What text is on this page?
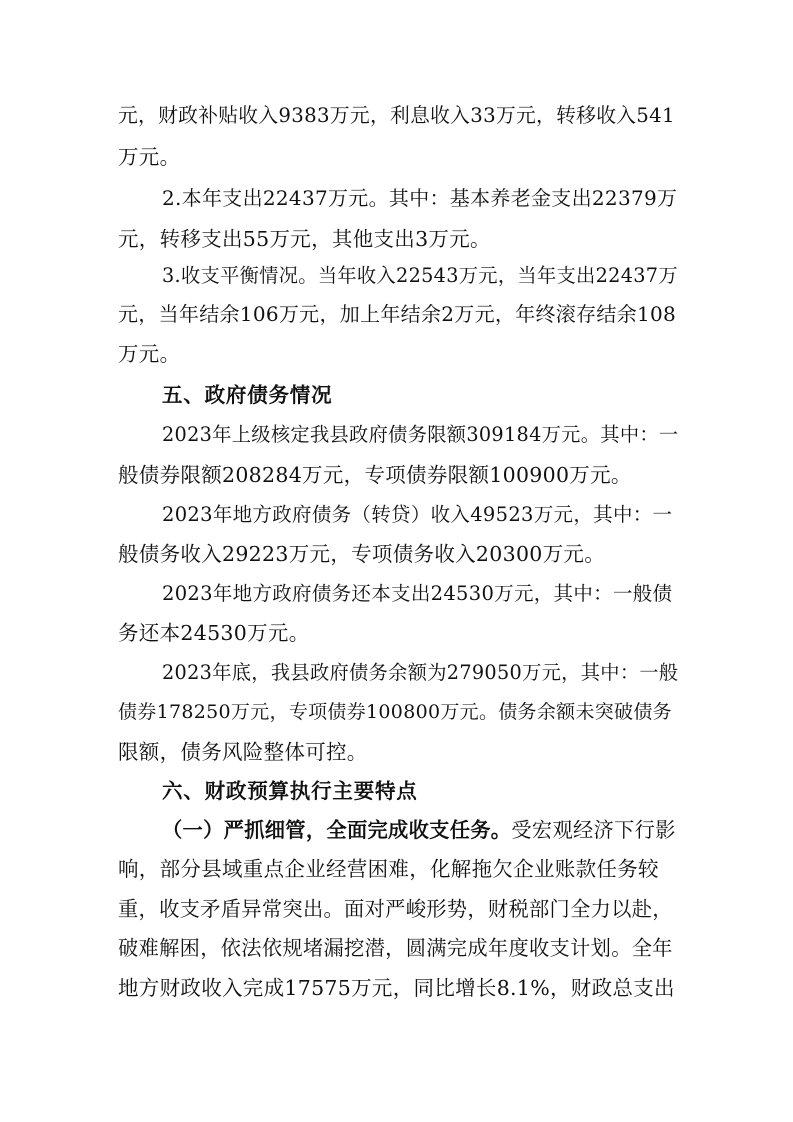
元，财政补贴收入9383万元，利息收入33万元，转移收入541
万元。
2.本年支出22437万元。其中：基本养老金支出22379万
元，转移支出55万元，其他支出3万元。
3.收支平衡情况。当年收入22543万元，当年支出22437万
元，当年结余106万元，加上年结余2万元，年终滚存结余108
万元。
五、政府债务情况
2023年上级核定我县政府债务限额309184万元。其中：一
般债券限额208284万元，专项债券限额100900万元。
2023年地方政府债务（转贷）收入49523万元，其中：一
般债务收入29223万元，专项债务收入20300万元。
2023年地方政府债务还本支出24530万元，其中：一般债
务还本24530万元。
2023年底，我县政府债务余额为279050万元，其中：一般
债券178250万元，专项债券100800万元。债务余额未突破债务
限额，债务风险整体可控。
六、财政预算执行主要特点
（一）严抓细管，全面完成收支任务。受宏观经济下行影
响，部分县域重点企业经营困难，化解拖欠企业账款任务较
重，收支矛盾异常突出。面对严峻形势，财税部门全力以赴，
破难解困，依法依规堵漏挖潜，圆满完成年度收支计划。全年
地方财政收入完成17575万元，同比增长8.1%，财政总支出
